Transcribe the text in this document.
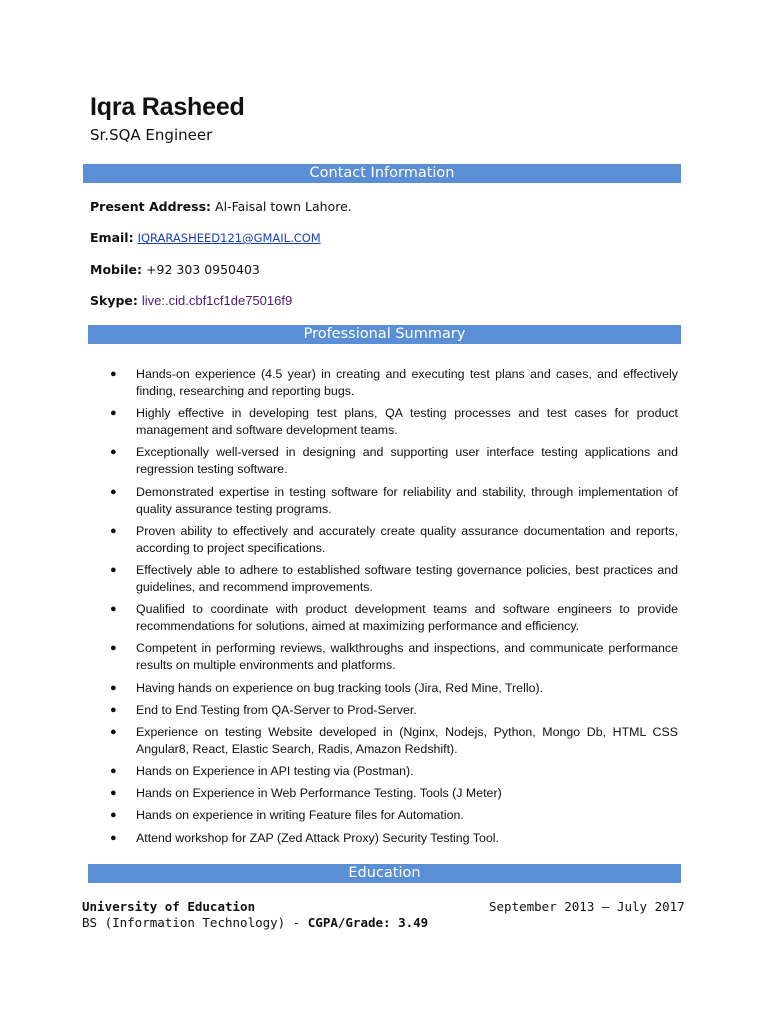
Iqra Rasheed
Sr.SQA Engineer
Contact Information
Present Address: Al-Faisal town Lahore.
Email: IQRARASHEED121@GMAIL.COM
Mobile: +92 303 0950403
Skype: live:.cid.cbf1cf1de75016f9
Professional Summary
● Hands-on experience (4.5 year) in creating and executing test plans and cases, and effectively finding, researching and reporting bugs.
● Highly effective in developing test plans, QA testing processes and test cases for product management and software development teams.
● Exceptionally well-versed in designing and supporting user interface testing applications and regression testing software.
● Demonstrated expertise in testing software for reliability and stability, through implementation of quality assurance testing programs.
● Proven ability to effectively and accurately create quality assurance documentation and reports, according to project specifications.
● Effectively able to adhere to established software testing governance policies, best practices and guidelines, and recommend improvements.
● Qualified to coordinate with product development teams and software engineers to provide recommendations for solutions, aimed at maximizing performance and efficiency.
● Competent in performing reviews, walkthroughs and inspections, and communicate performance results on multiple environments and platforms.
● Having hands on experience on bug tracking tools (Jira, Red Mine, Trello).
● End to End Testing from QA-Server to Prod-Server.
● Experience on testing Website developed in (Nginx, Nodejs, Python, Mongo Db, HTML CSS Angular8, React, Elastic Search, Radis, Amazon Redshift).
● Hands on Experience in API testing via (Postman).
● Hands on Experience in Web Performance Testing. Tools (J Meter)
● Hands on experience in writing Feature files for Automation.
● Attend workshop for ZAP (Zed Attack Proxy) Security Testing Tool.
Education
University of Education
BS (Information Technology) - CGPA/Grade: 3.49
September 2013 – July 2017
